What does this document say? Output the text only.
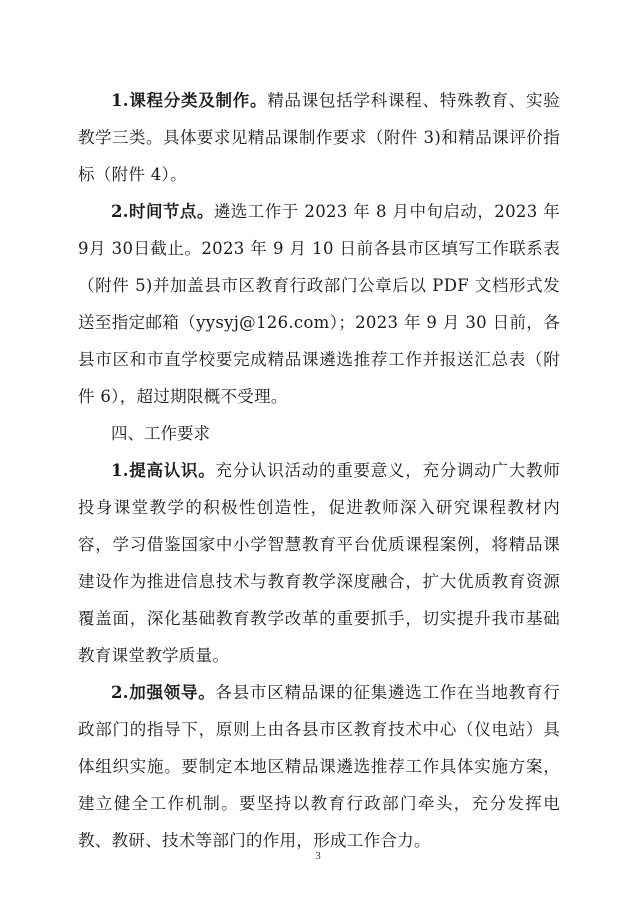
1.课程分类及制作。精品课包括学科课程、特殊教育、实验教学三类。具体要求见精品课制作要求（附件 3)和精品课评价指标（附件 4）。

2.时间节点。遴选工作于 2023 年 8 月中旬启动，2023 年 9月 30日截止。2023 年 9 月 10 日前各县市区填写工作联系表（附件 5)并加盖县市区教育行政部门公章后以 PDF 文档形式发送至指定邮箱（yysyj@126.com）；2023 年 9 月 30 日前，各县市区和市直学校要完成精品课遴选推荐工作并报送汇总表（附件 6），超过期限概不受理。

四、工作要求

1.提高认识。充分认识活动的重要意义，充分调动广大教师投身课堂教学的积极性创造性，促进教师深入研究课程教材内容，学习借鉴国家中小学智慧教育平台优质课程案例，将精品课建设作为推进信息技术与教育教学深度融合，扩大优质教育资源覆盖面，深化基础教育教学改革的重要抓手，切实提升我市基础教育课堂教学质量。

2.加强领导。各县市区精品课的征集遴选工作在当地教育行政部门的指导下，原则上由各县市区教育技术中心（仪电站）具体组织实施。要制定本地区精品课遴选推荐工作具体实施方案，建立健全工作机制。要坚持以教育行政部门牵头，充分发挥电教、教研、技术等部门的作用，形成工作合力。

3
